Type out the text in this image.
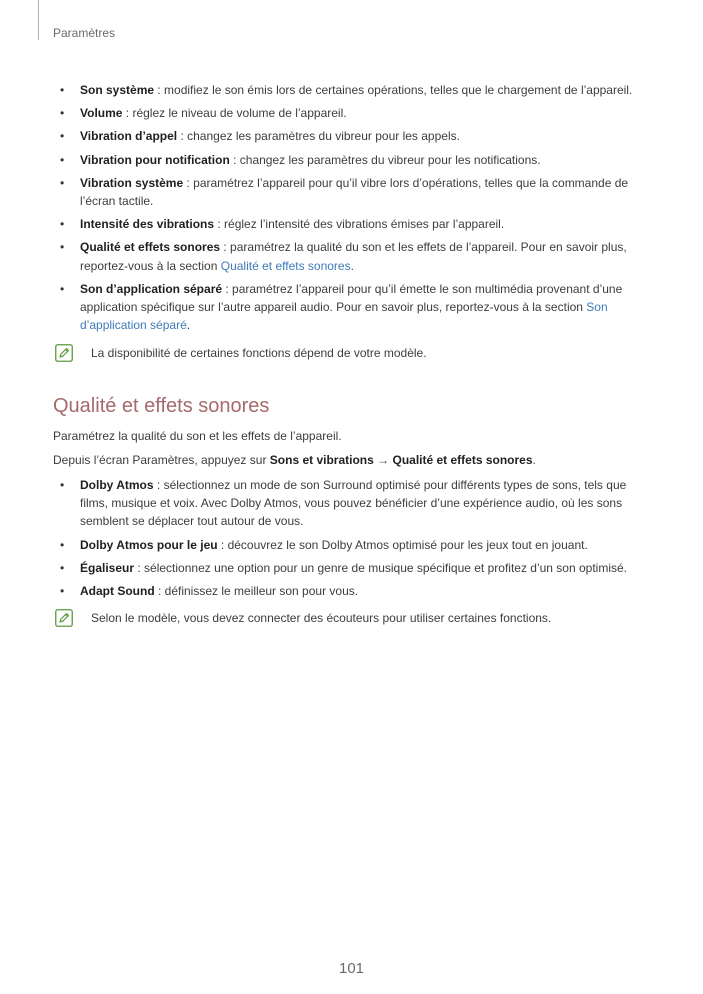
Paramètres
• Son système : modifiez le son émis lors de certaines opérations, telles que le chargement de l’appareil.
• Volume : réglez le niveau de volume de l’appareil.
• Vibration d’appel : changez les paramètres du vibreur pour les appels.
• Vibration pour notification : changez les paramètres du vibreur pour les notifications.
• Vibration système : paramétrez l’appareil pour qu’il vibre lors d’opérations, telles que la commande de l’écran tactile.
• Intensité des vibrations : réglez l’intensité des vibrations émises par l’appareil.
• Qualité et effets sonores : paramétrez la qualité du son et les effets de l’appareil. Pour en savoir plus, reportez-vous à la section Qualité et effets sonores.
• Son d’application séparé : paramétrez l’appareil pour qu’il émette le son multimédia provenant d’une application spécifique sur l’autre appareil audio. Pour en savoir plus, reportez-vous à la section Son d’application séparé.
La disponibilité de certaines fonctions dépend de votre modèle.
Qualité et effets sonores

Paramétrez la qualité du son et les effets de l’appareil.

Depuis l’écran Paramètres, appuyez sur Sons et vibrations → Qualité et effets sonores.

• Dolby Atmos : sélectionnez un mode de son Surround optimisé pour différents types de sons, tels que films, musique et voix. Avec Dolby Atmos, vous pouvez bénéficier d’une expérience audio, où les sons semblent se déplacer tout autour de vous.
• Dolby Atmos pour le jeu : découvrez le son Dolby Atmos optimisé pour les jeux tout en jouant.
• Égaliseur : sélectionnez une option pour un genre de musique spécifique et profitez d’un son optimisé.
• Adapt Sound : définissez le meilleur son pour vous.
Selon le modèle, vous devez connecter des écouteurs pour utiliser certaines fonctions.
101
